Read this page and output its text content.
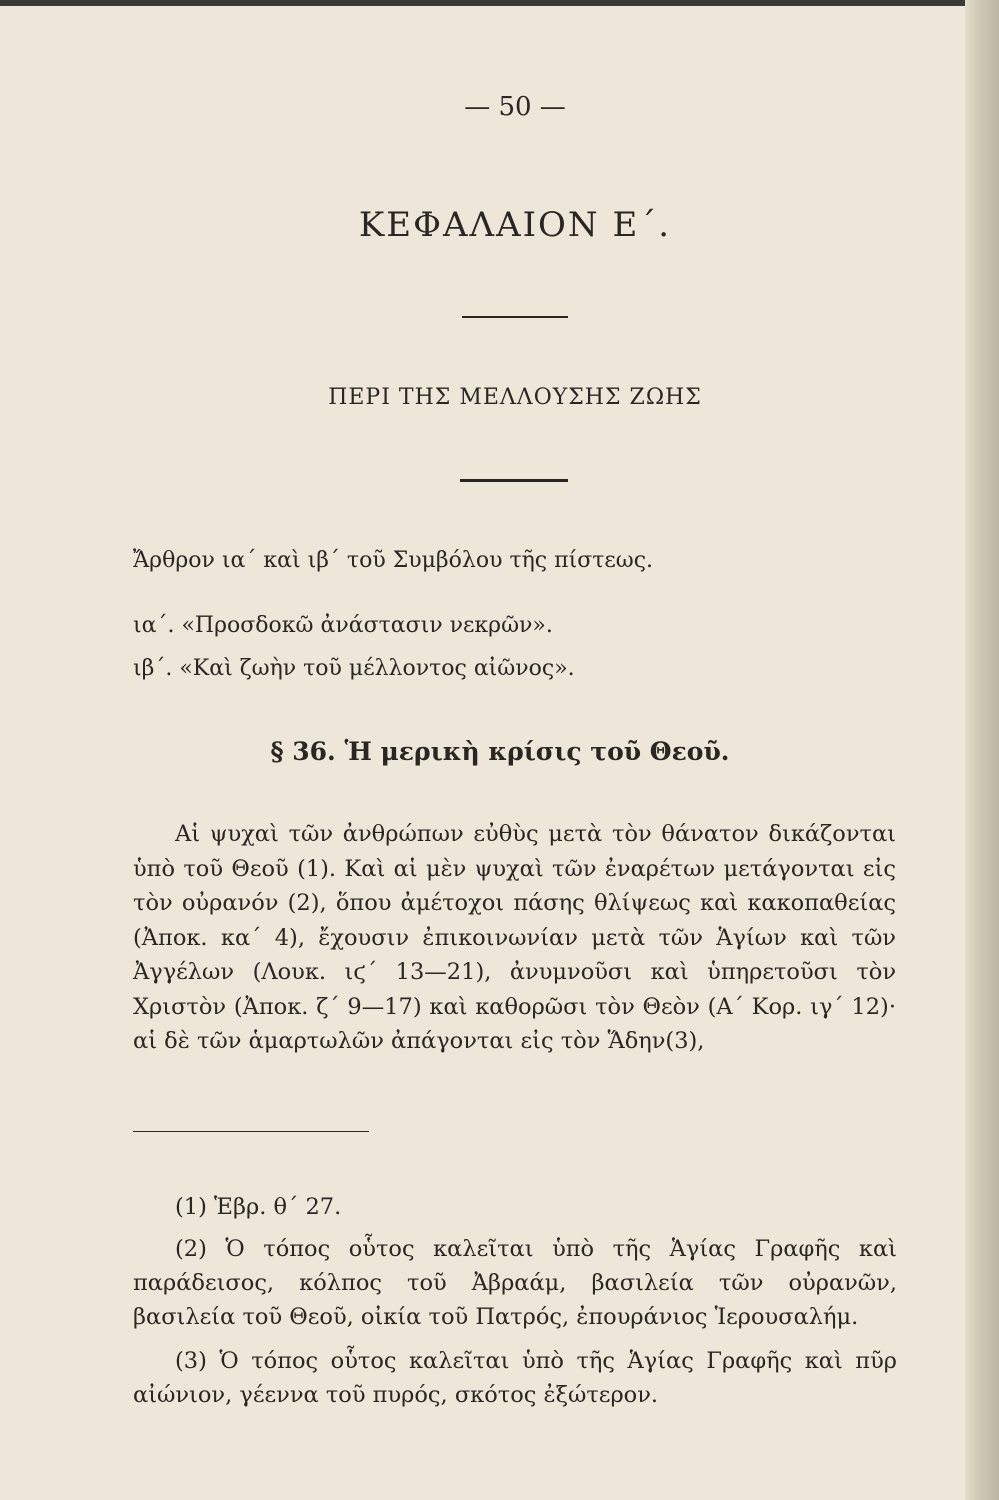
— 50 —
ΚΕΦΑΛΑΙΟΝ Ε΄.
ΠΕΡΙ ΤΗΣ ΜΕΛΛΟΥΣΗΣ ΖΩΗΣ
Ἄρθρον ια΄ καὶ ιβ΄ τοῦ Συμβόλου τῆς πίστεως.
ια΄. «Προσδοκῶ ἀνάστασιν νεκρῶν».
ιβ΄. «Καὶ ζωὴν τοῦ μέλλοντος αἰῶνος».
§ 36. Ἡ μερικὴ κρίσις τοῦ Θεοῦ.
Αἱ ψυχαὶ τῶν ἀνθρώπων εὐθὺς μετὰ τὸν θάνατον δικάζονται ὑπὸ τοῦ Θεοῦ (1). Καὶ αἱ μὲν ψυχαὶ τῶν ἐναρέτων μετάγονται εἰς τὸν οὐρανόν (2), ὅπου ἀμέτοχοι πάσης θλίψεως καὶ κακοπαθείας (Ἀποκ. κα΄ 4), ἔχουσιν ἐπικοινωνίαν μετὰ τῶν Ἁγίων καὶ τῶν Ἀγγέλων (Λουκ. ιϛ΄ 13—21), ἀνυμνοῦσι καὶ ὑπηρετοῦσι τὸν Χριστὸν (Ἀποκ. ζ΄ 9—17) καὶ καθορῶσι τὸν Θεὸν (Α΄ Κορ. ιγ΄ 12)· αἱ δὲ τῶν ἁμαρτωλῶν ἀπάγονται εἰς τὸν Ἅδην(3),
(1) Ἑβρ. θ΄ 27.
(2) Ὁ τόπος οὗτος καλεῖται ὑπὸ τῆς Ἁγίας Γραφῆς καὶ παράδεισος, κόλπος τοῦ Ἀβραάμ, βασιλεία τῶν οὐρανῶν, βασιλεία τοῦ Θεοῦ, οἰκία τοῦ Πατρός, ἐπουράνιος Ἱερουσαλήμ.
(3) Ὁ τόπος οὗτος καλεῖται ὑπὸ τῆς Ἁγίας Γραφῆς καὶ πῦρ αἰώνιον, γέεννα τοῦ πυρός, σκότος ἐξώτερον.
